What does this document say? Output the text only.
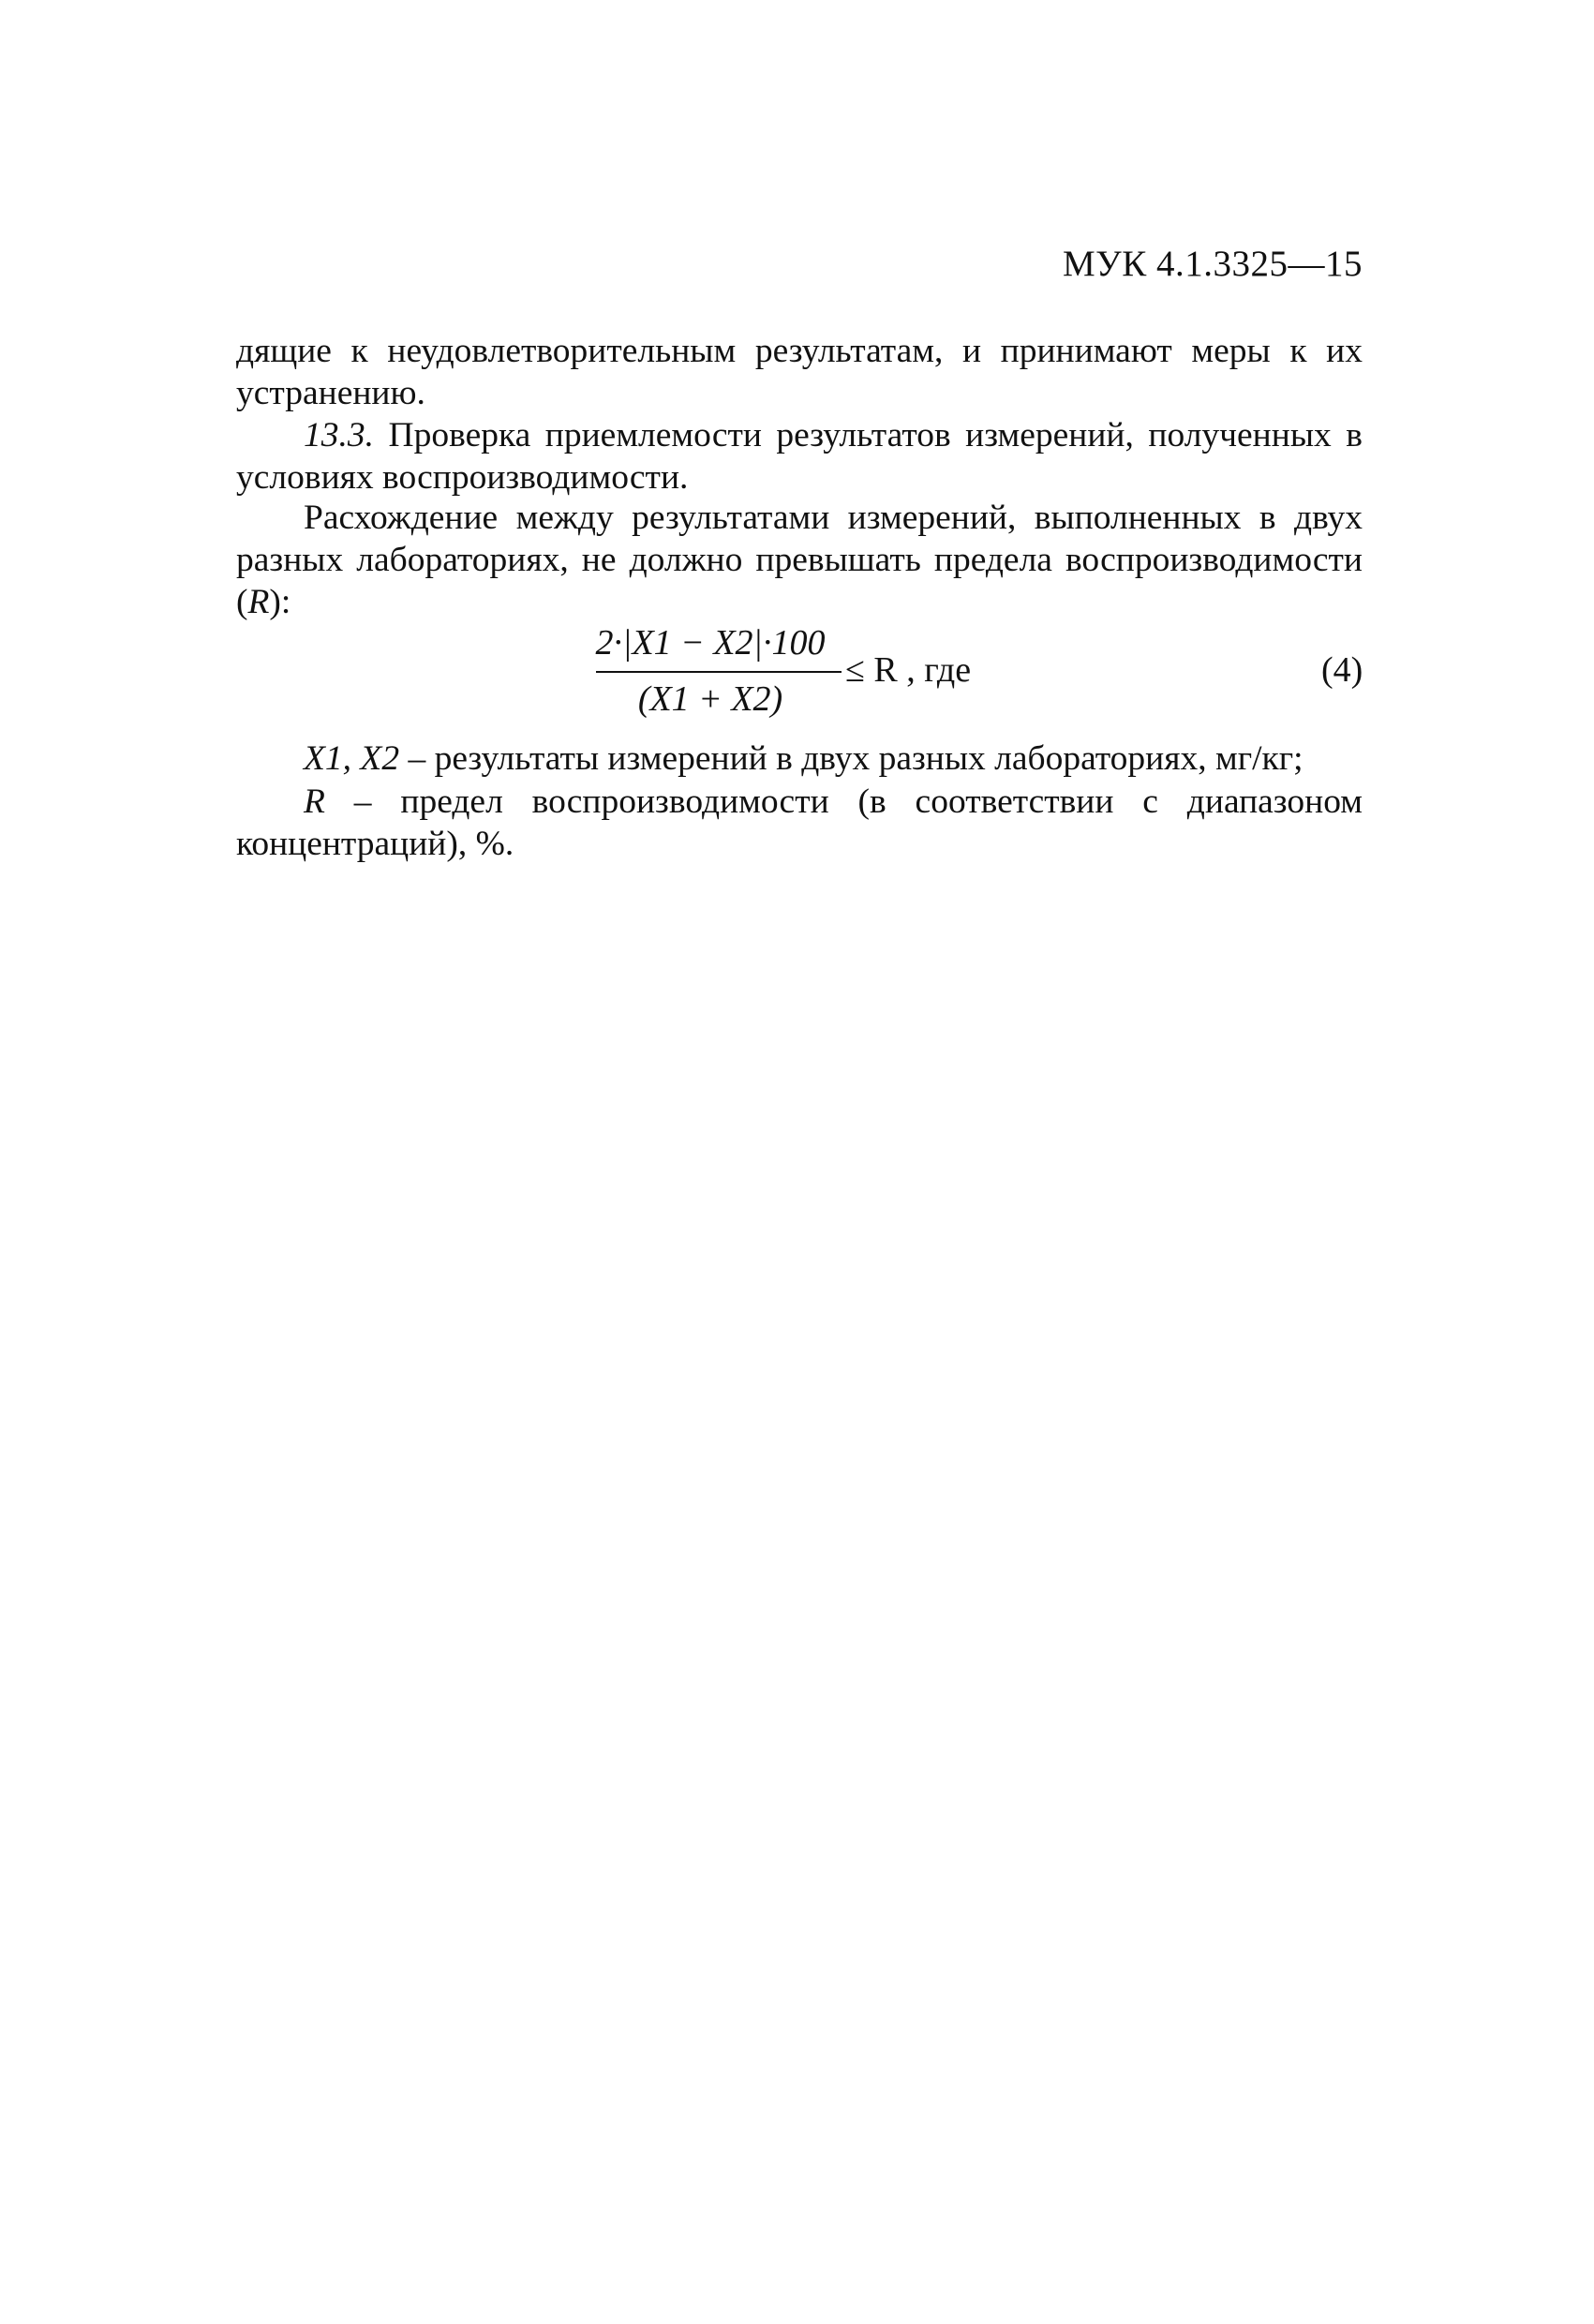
МУК 4.1.3325—15
дящие к неудовлетворительным результатам, и принимают меры к их устранению.
13.3. Проверка приемлемости результатов измерений, полученных в условиях воспроизводимости.
Расхождение между результатами измерений, выполненных в двух разных лабораториях, не должно превышать предела воспроизводимости (R):
2·|X1 − X2|·100
(X1 + X2)
≤ R , где	(4)
X1, X2 – результаты измерений в двух разных лабораториях, мг/кг;
R – предел воспроизводимости (в соответствии с диапазоном концентраций), %.
